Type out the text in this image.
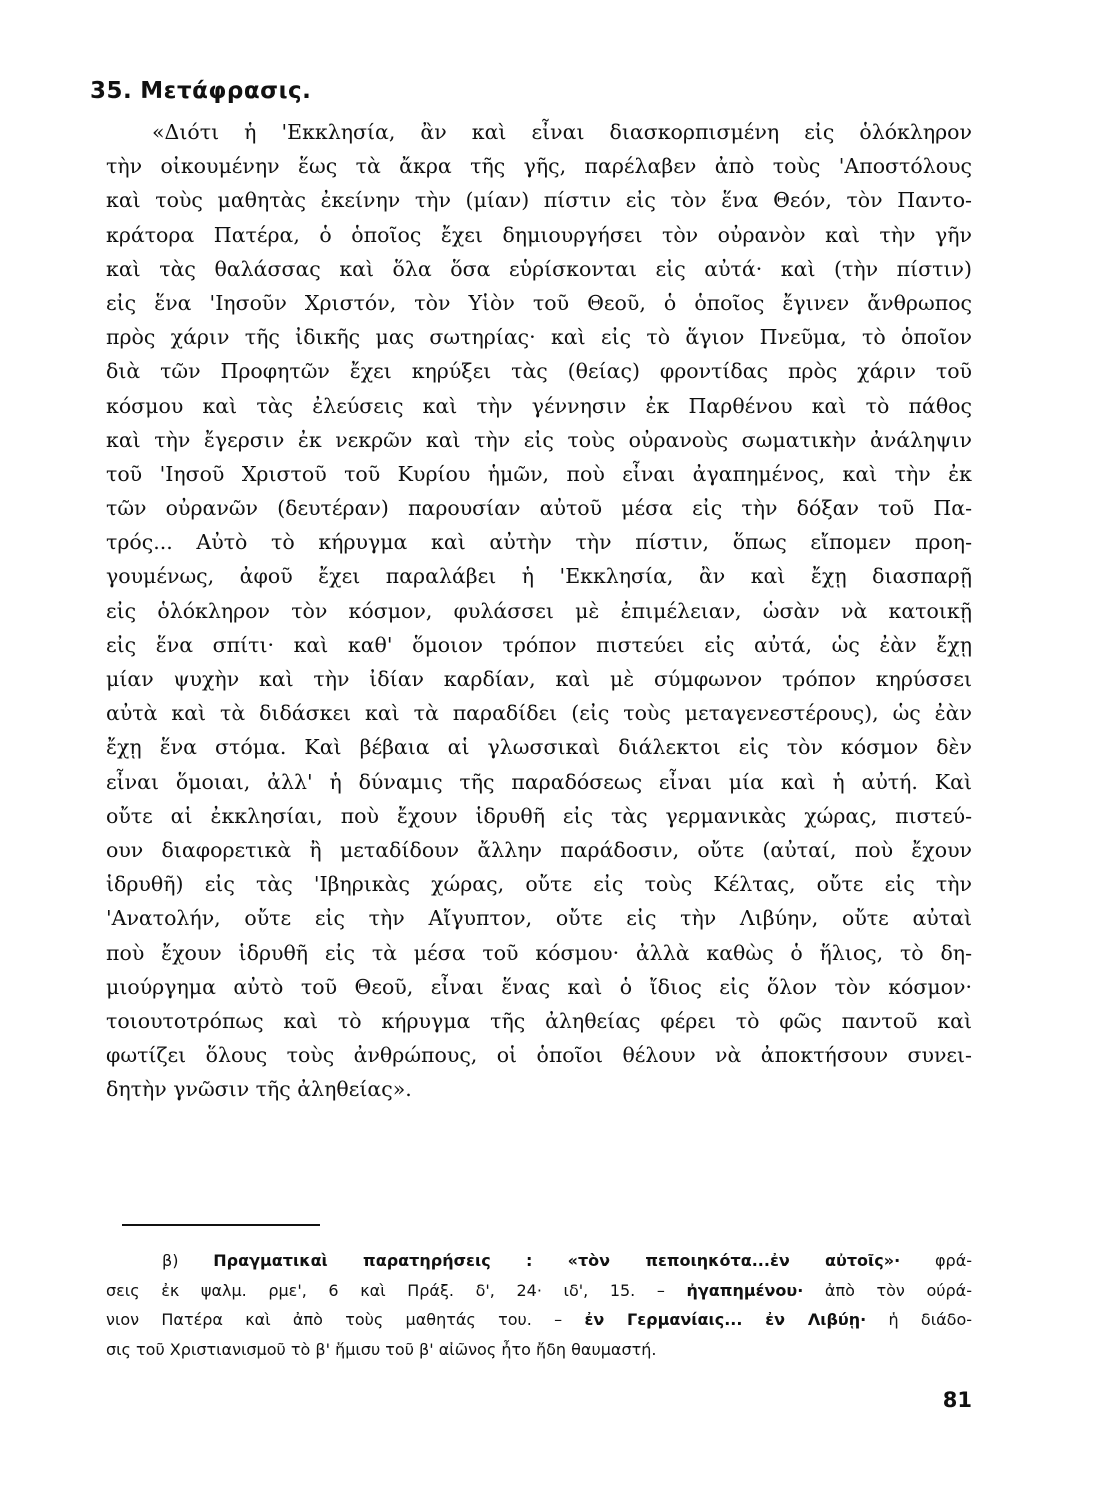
35. Μετάφρασις.
«Διότι ἡ 'Εκκλησία, ἂν καὶ εἶναι διασκορπισμένη εἰς ὁλόκληρον
τὴν οἰκουμένην ἕως τὰ ἄκρα τῆς γῆς, παρέλαβεν ἀπὸ τοὺς 'Αποστόλους
καὶ τοὺς μαθητὰς ἐκείνην τὴν (μίαν) πίστιν εἰς τὸν ἕνα Θεόν, τὸν Παντο-
κράτορα Πατέρα, ὁ ὁποῖος ἔχει δημιουργήσει τὸν οὐρανὸν καὶ τὴν γῆν
καὶ τὰς θαλάσσας καὶ ὅλα ὅσα εὑρίσκονται εἰς αὐτά· καὶ (τὴν πίστιν)
εἰς ἕνα 'Ιησοῦν Χριστόν, τὸν Υἱὸν τοῦ Θεοῦ, ὁ ὁποῖος ἔγινεν ἄνθρωπος
πρὸς χάριν τῆς ἰδικῆς μας σωτηρίας· καὶ εἰς τὸ ἅγιον Πνεῦμα, τὸ ὁποῖον
διὰ τῶν Προφητῶν ἔχει κηρύξει τὰς (θείας) φροντίδας πρὸς χάριν τοῦ
κόσμου καὶ τὰς ἐλεύσεις καὶ τὴν γέννησιν ἐκ Παρθένου καὶ τὸ πάθος
καὶ τὴν ἔγερσιν ἐκ νεκρῶν καὶ τὴν εἰς τοὺς οὐρανοὺς σωματικὴν ἀνάληψιν
τοῦ 'Ιησοῦ Χριστοῦ τοῦ Κυρίου ἡμῶν, ποὺ εἶναι ἀγαπημένος, καὶ τὴν ἐκ
τῶν οὐρανῶν (δευτέραν) παρουσίαν αὐτοῦ μέσα εἰς τὴν δόξαν τοῦ Πα-
τρός... Αὐτὸ τὸ κήρυγμα καὶ αὐτὴν τὴν πίστιν, ὅπως εἴπομεν προη-
γουμένως, ἀφοῦ ἔχει παραλάβει ἡ 'Εκκλησία, ἂν καὶ ἔχῃ διασπαρῇ
εἰς ὁλόκληρον τὸν κόσμον, φυλάσσει μὲ ἐπιμέλειαν, ὡσὰν νὰ κατοικῇ
εἰς ἕνα σπίτι· καὶ καθ' ὅμοιον τρόπον πιστεύει εἰς αὐτά, ὡς ἐὰν ἔχῃ
μίαν ψυχὴν καὶ τὴν ἰδίαν καρδίαν, καὶ μὲ σύμφωνον τρόπον κηρύσσει
αὐτὰ καὶ τὰ διδάσκει καὶ τὰ παραδίδει (εἰς τοὺς μεταγενεστέρους), ὡς ἐὰν
ἔχῃ ἕνα στόμα. Καὶ βέβαια αἱ γλωσσικαὶ διάλεκτοι εἰς τὸν κόσμον δὲν
εἶναι ὅμοιαι, ἀλλ' ἡ δύναμις τῆς παραδόσεως εἶναι μία καὶ ἡ αὐτή. Καὶ
οὔτε αἱ ἐκκλησίαι, ποὺ ἔχουν ἱδρυθῆ εἰς τὰς γερμανικὰς χώρας, πιστεύ-
ουν διαφορετικὰ ἢ μεταδίδουν ἄλλην παράδοσιν, οὔτε (αὐταί, ποὺ ἔχουν
ἱδρυθῆ) εἰς τὰς 'Ιβηρικὰς χώρας, οὔτε εἰς τοὺς Κέλτας, οὔτε εἰς τὴν
'Ανατολήν, οὔτε εἰς τὴν Αἴγυπτον, οὔτε εἰς τὴν Λιβύην, οὔτε αὐταὶ
ποὺ ἔχουν ἱδρυθῆ εἰς τὰ μέσα τοῦ κόσμου· ἀλλὰ καθὼς ὁ ἥλιος, τὸ δη-
μιούργημα αὐτὸ τοῦ Θεοῦ, εἶναι ἕνας καὶ ὁ ἴδιος εἰς ὅλον τὸν κόσμον·
τοιουτοτρόπως καὶ τὸ κήρυγμα τῆς ἀληθείας φέρει τὸ φῶς παντοῦ καὶ
φωτίζει ὅλους τοὺς ἀνθρώπους, οἱ ὁποῖοι θέλουν νὰ ἀποκτήσουν συνει-
δητὴν γνῶσιν τῆς ἀληθείας».
β) Πραγματικαὶ παρατηρήσεις : «τὸν πεποιηκότα...ἐν αὐτοῖς»· φρά-
σεις ἐκ ψαλμ. ρμε', 6 καὶ Πράξ. δ', 24· ιδ', 15. – ἠγαπημένου· ἀπὸ τὸν ούρά-
νιον Πατέρα καὶ ἀπὸ τοὺς μαθητάς του. – ἐν Γερμανίαις... ἐν Λιβύῃ· ἡ διάδο-
σις τοῦ Χριστιανισμοῦ τὸ β' ἥμισυ τοῦ β' αἰῶνος ἦτο ἤδη θαυμαστή.
81
